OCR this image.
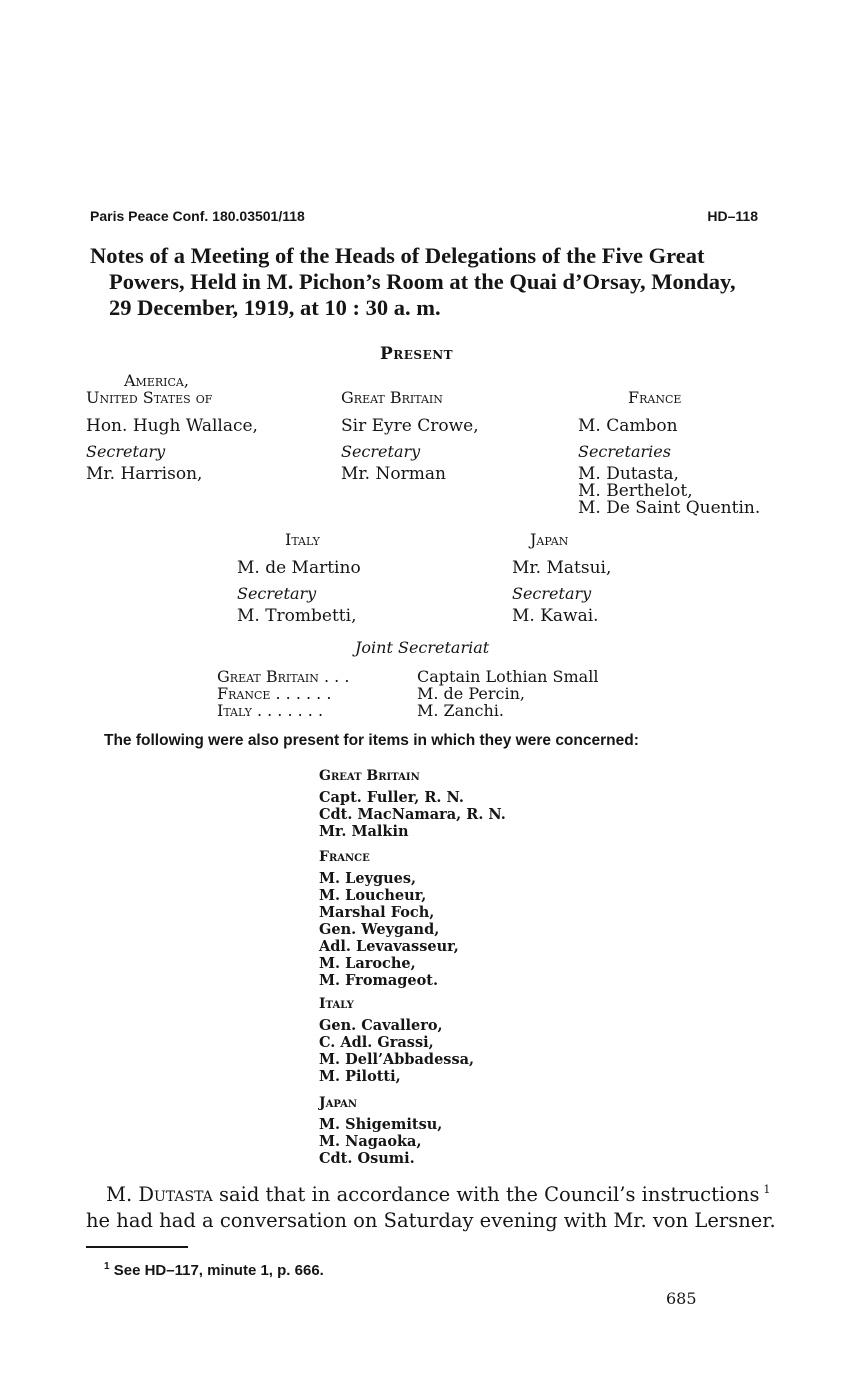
Paris Peace Conf. 180.03501/118	HD–118
Notes of a Meeting of the Heads of Delegations of the Five Great
Powers, Held in M. Pichon’s Room at the Quai d’Orsay, Monday,
29 December, 1919, at 10 : 30 a. m.
Present
America,
United States of
Hon. Hugh Wallace,
Secretary
Mr. Harrison,
Great Britain
Sir Eyre Crowe,
Secretary
Mr. Norman
France
M. Cambon
Secretaries
M. Dutasta,
M. Berthelot,
M. De Saint Quentin.
Italy
M. de Martino
Secretary
M. Trombetti,
Japan
Mr. Matsui,
Secretary
M. Kawai.
Joint Secretariat
Great Britain . . .	Captain Lothian Small
France . . . . . .	M. de Percin,
Italy . . . . . . .	M. Zanchi.
The following were also present for items in which they were concerned:
Great Britain
Capt. Fuller, R. N.
Cdt. MacNamara, R. N.
Mr. Malkin
France
M. Leygues,
M. Loucheur,
Marshal Foch,
Gen. Weygand,
Adl. Levavasseur,
M. Laroche,
M. Fromageot.
Italy
Gen. Cavallero,
C. Adl. Grassi,
M. Dell’Abbadessa,
M. Pilotti,
Japan
M. Shigemitsu,
M. Nagaoka,
Cdt. Osumi.
M. Dutasta said that in accordance with the Council’s instructions  $^1$
he had had a conversation on Saturday evening with Mr. von Lersner.
$^1$ See HD–117, minute 1, p. 666.
685
